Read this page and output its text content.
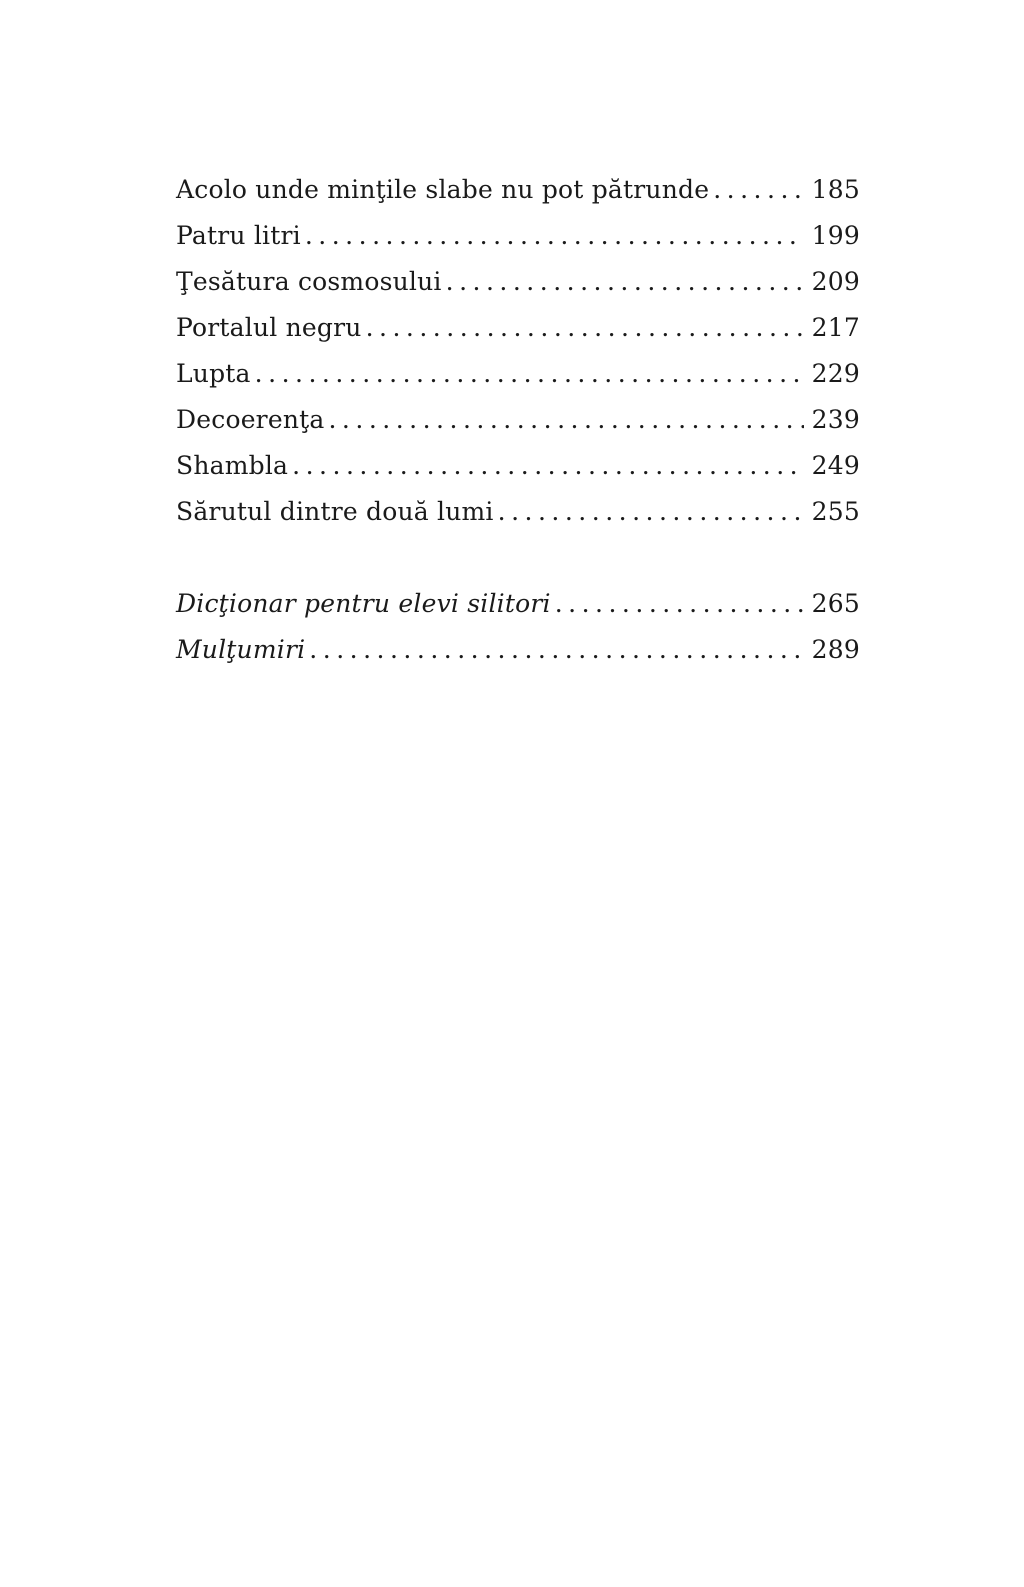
Acolo unde minţile slabe nu pot pătrunde .....	185
Patru litri .....	199
Ţesătura cosmosului .....	209
Portalul negru .....	217
Lupta .....	229
Decoerenţa .....	239
Shambla .....	249
Sărutul dintre două lumi .....	255
Dicţionar pentru elevi silitori .....	265
Mulţumiri .....	289
